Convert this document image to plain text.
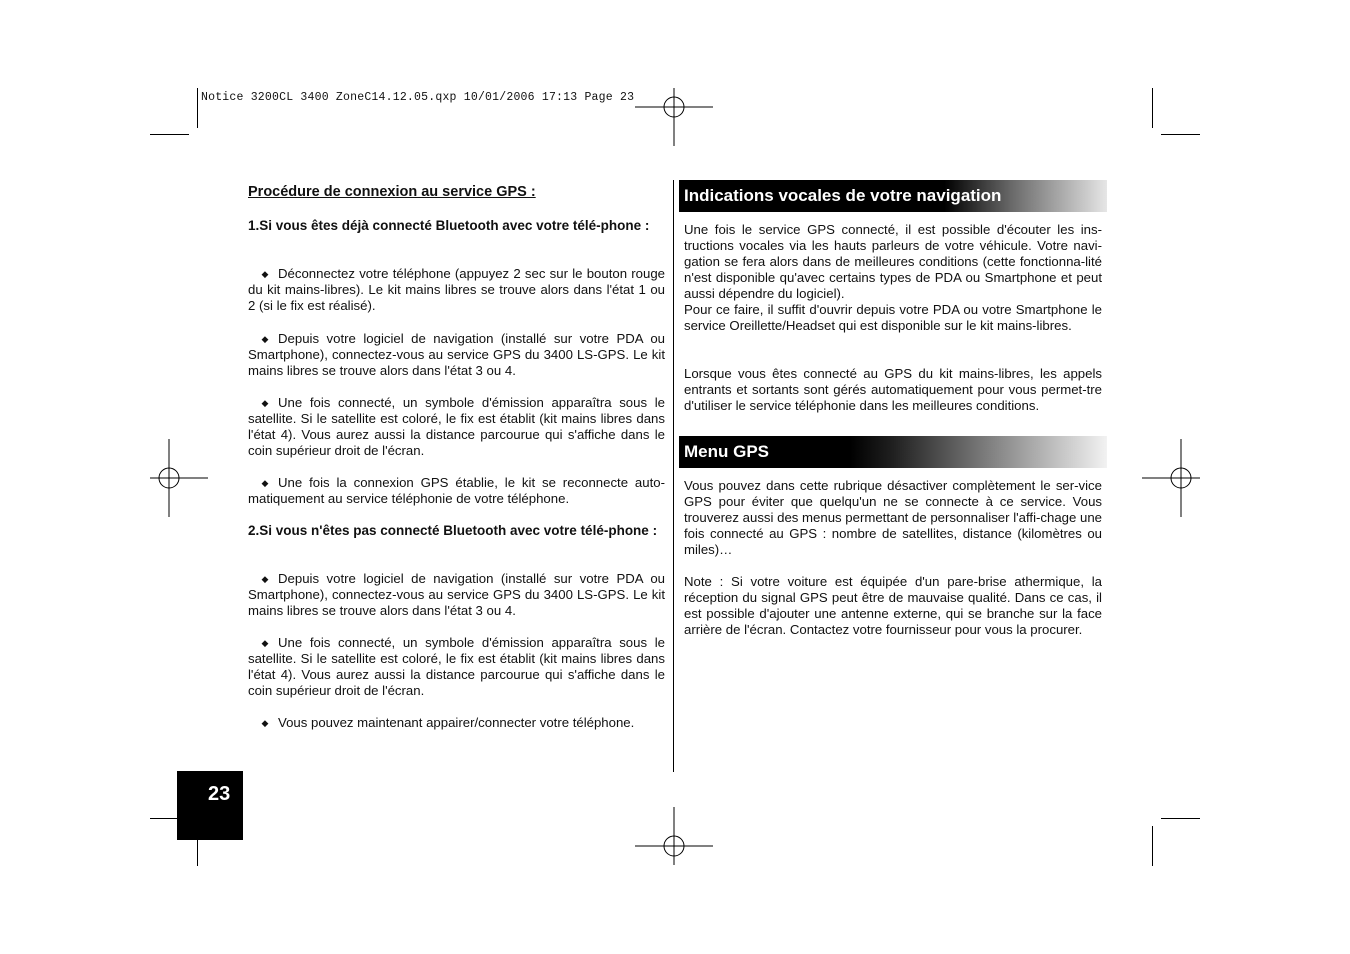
Notice 3200CL 3400 ZoneC14.12.05.qxp 10/01/2006 17:13 Page 23
Procédure de connexion au service GPS :
1.Si vous êtes déjà connecté Bluetooth avec votre télé-phone :
◆ Déconnectez votre téléphone (appuyez 2 sec sur le bouton rouge du kit mains-libres). Le kit mains libres se trouve alors dans l'état 1 ou 2 (si le fix est réalisé).
◆ Depuis votre logiciel de navigation (installé sur votre PDA ou Smartphone), connectez-vous au service GPS du 3400 LS-GPS. Le kit mains libres se trouve alors dans l'état 3 ou 4.
◆ Une fois connecté, un symbole d'émission apparaîtra sous le satellite. Si le satellite est coloré, le fix est établit (kit mains libres dans l'état 4). Vous aurez aussi la distance parcourue qui s'affiche dans le coin supérieur droit de l'écran.
◆ Une fois la connexion GPS établie, le kit se reconnecte auto-matiquement au service téléphonie de votre téléphone.
2.Si vous n'êtes pas connecté Bluetooth avec votre télé-phone :
◆ Depuis votre logiciel de navigation (installé sur votre PDA ou Smartphone), connectez-vous au service GPS du 3400 LS-GPS. Le kit mains libres se trouve alors dans l'état 3 ou 4.
◆ Une fois connecté, un symbole d'émission apparaîtra sous le satellite. Si le satellite est coloré, le fix est établit (kit mains libres dans l'état 4). Vous aurez aussi la distance parcourue qui s'affiche dans le coin supérieur droit de l'écran.
◆ Vous pouvez maintenant appairer/connecter votre téléphone.
Indications vocales de votre navigation
Une fois le service GPS connecté, il est possible d'écouter les ins-tructions vocales via les hauts parleurs de votre véhicule. Votre navi-gation se fera alors dans de meilleures conditions (cette fonctionna-lité n'est disponible qu'avec certains types de PDA ou Smartphone et peut aussi dépendre du logiciel).
Pour ce faire, il suffit d'ouvrir depuis votre PDA ou votre Smartphone le service Oreillette/Headset qui est disponible sur le kit mains-libres.
Lorsque vous êtes connecté au GPS du kit mains-libres, les appels entrants et sortants sont gérés automatiquement pour vous permet-tre d'utiliser le service téléphonie dans les meilleures conditions.
Menu GPS
Vous pouvez dans cette rubrique désactiver complètement le ser-vice GPS pour éviter que quelqu'un ne se connecte à ce service. Vous trouverez aussi des menus permettant de personnaliser l'affi-chage une fois connecté au GPS : nombre de satellites, distance (kilomètres ou miles)…
Note : Si votre voiture est équipée d'un pare-brise athermique, la réception du signal GPS peut être de mauvaise qualité. Dans ce cas, il est possible d'ajouter une antenne externe, qui se branche sur la face arrière de l'écran. Contactez votre fournisseur pour vous la procurer.
23
